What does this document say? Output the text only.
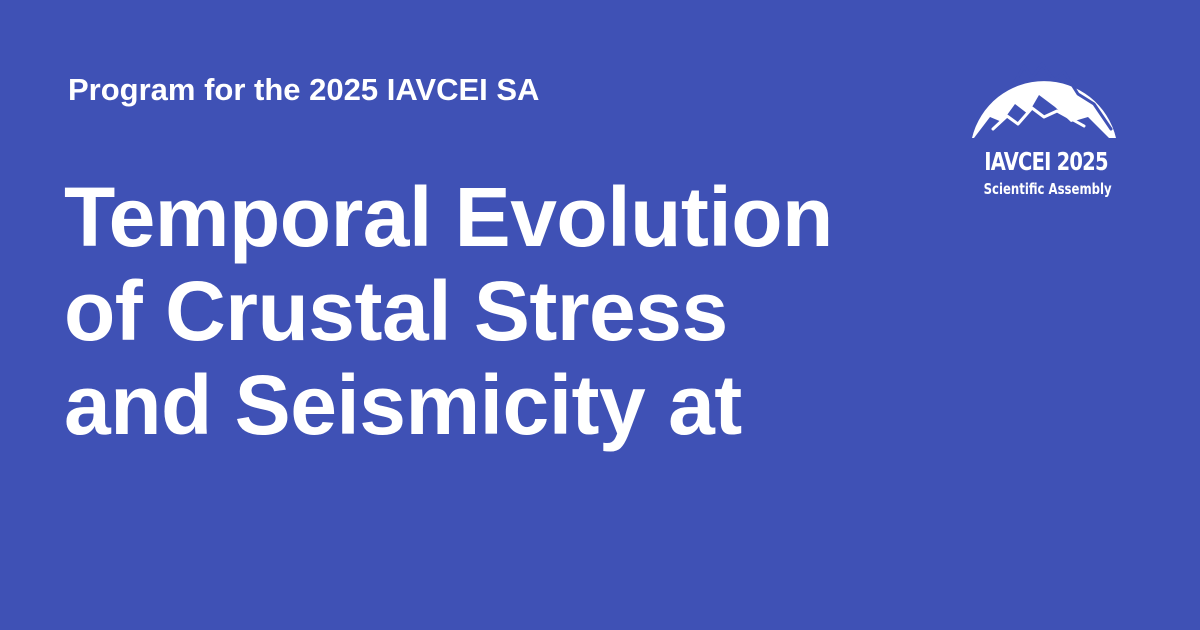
Program for the 2025 IAVCEI SA
Temporal Evolution
of Crustal Stress
and Seismicity at
IAVCEI 2025
Scientific Assembly
